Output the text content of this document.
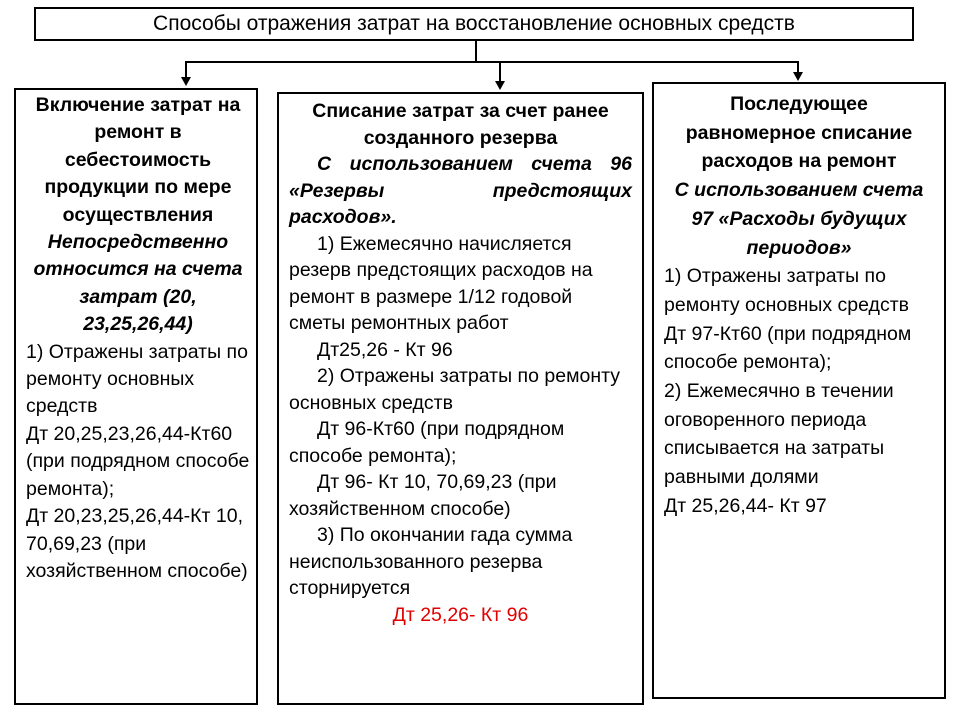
Способы отражения затрат на восстановление основных средств

Включение затрат на ремонт в себестоимость продукции по мере осуществления

Непосредственно относится на счета затрат (20, 23,25,26,44)

1) Отражены затраты по ремонту основных средств

Дт 20,25,23,26,44-Кт60 (при подрядном способе ремонта);

Дт 20,23,25,26,44-Кт 10, 70,69,23 (при хозяйственном способе)

Списание затрат за счет ранее созданного резерва

С использованием счета 96 «Резервы предстоящих расходов».

1) Ежемесячно начисляется резерв предстоящих расходов на ремонт в размере 1/12 годовой сметы ремонтных работ

Дт25,26 - Кт 96

2) Отражены затраты по ремонту основных средств

Дт 96-Кт60 (при подрядном способе ремонта);

Дт 96- Кт 10, 70,69,23 (при хозяйственном способе)

3) По окончании гада сумма неиспользованного резерва сторнируется

Дт 25,26- Кт 96

Последующее равномерное списание расходов на ремонт

С использованием счета 97 «Расходы будущих периодов»

1) Отражены затраты по ремонту основных средств

Дт 97-Кт60 (при подрядном способе ремонта);

2) Ежемесячно в течении оговоренного периода списывается на затраты равными долями

Дт 25,26,44- Кт 97
